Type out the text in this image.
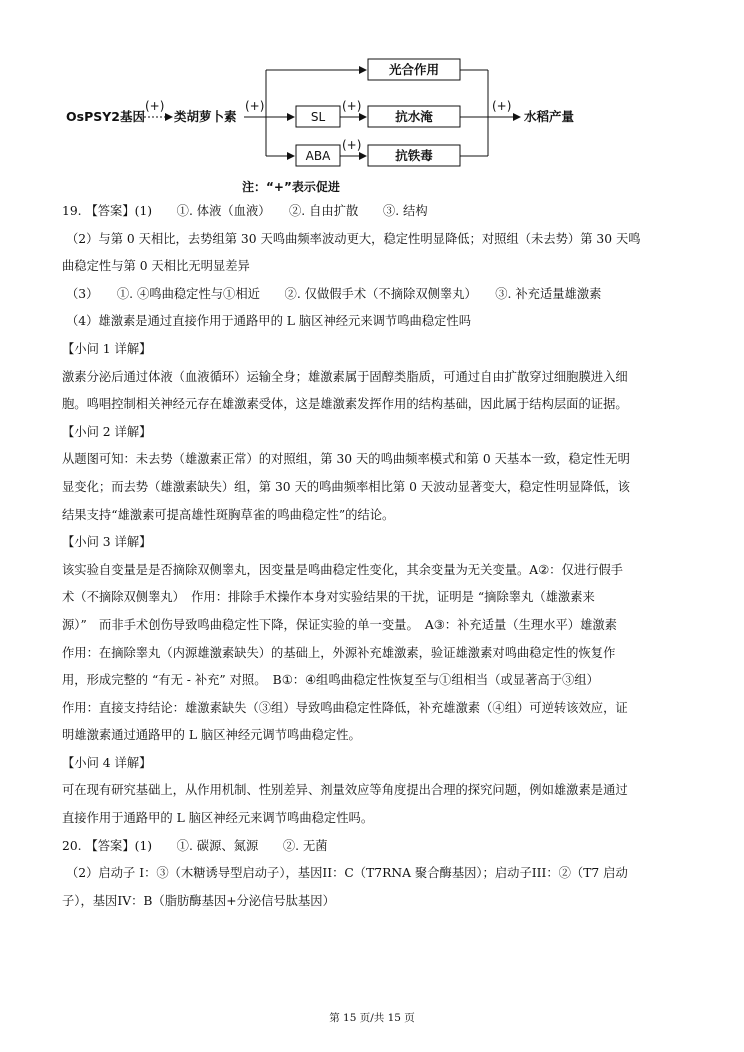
OsPSY2基因
(+)
类胡萝卜素
(+)
光合作用
SL
ABA
(+)
(+)
抗水淹
抗铁毒
(+)
水稻产量
注：“+”表示促进
19. 【答案】(1)　　①. 体液（血液）　　②. 自由扩散　　③. 结构
（2）与第 0 天相比，去势组第 30 天鸣曲频率波动更大，稳定性明显降低；对照组（未去势）第 30 天鸣
曲稳定性与第 0 天相比无明显差异
（3）　　①. ④鸣曲稳定性与①相近　　②. 仅做假手术（不摘除双侧睾丸）　　③. 补充适量雄激素
（4）雄激素是通过直接作用于通路甲的 L 脑区神经元来调节鸣曲稳定性吗
【小问 1 详解】
激素分泌后通过体液（血液循环）运输全身；雄激素属于固醇类脂质，可通过自由扩散穿过细胞膜进入细
胞。鸣唱控制相关神经元存在雄激素受体，这是雄激素发挥作用的结构基础，因此属于结构层面的证据。
【小问 2 详解】
从题图可知：未去势（雄激素正常）的对照组，第 30 天的鸣曲频率模式和第 0 天基本一致，稳定性无明
显变化；而去势（雄激素缺失）组，第 30 天的鸣曲频率相比第 0 天波动显著变大，稳定性明显降低，该
结果支持“雄激素可提高雄性斑胸草雀的鸣曲稳定性”的结论。
【小问 3 详解】
该实验自变量是是否摘除双侧睾丸，因变量是鸣曲稳定性变化，其余变量为无关变量。A②：仅进行假手
术（不摘除双侧睾丸）　作用：排除手术操作本身对实验结果的干扰，证明是 “摘除睾丸（雄激素来
源）”　而非手术创伤导致鸣曲稳定性下降，保证实验的单一变量。　A③：补充适量（生理水平）雄激素
作用：在摘除睾丸（内源雄激素缺失）的基础上，外源补充雄激素，验证雄激素对鸣曲稳定性的恢复作
用，形成完整的 “有无 - 补充” 对照。　B①：④组鸣曲稳定性恢复至与①组相当（或显著高于③组）
作用：直接支持结论：雄激素缺失（③组）导致鸣曲稳定性降低，补充雄激素（④组）可逆转该效应，证
明雄激素通过通路甲的 L 脑区神经元调节鸣曲稳定性。
【小问 4 详解】
可在现有研究基础上，从作用机制、性别差异、剂量效应等角度提出合理的探究问题，例如雄激素是通过
直接作用于通路甲的 L 脑区神经元来调节鸣曲稳定性吗。
20. 【答案】(1)　　①. 碳源、氮源　　②. 无菌
（2）启动子 I：③（木糖诱导型启动子），基因II：C（T7RNA 聚合酶基因）；启动子III：②（T7 启动
子），基因IV：B（脂肪酶基因+分泌信号肽基因）
第 15 页/共 15 页
